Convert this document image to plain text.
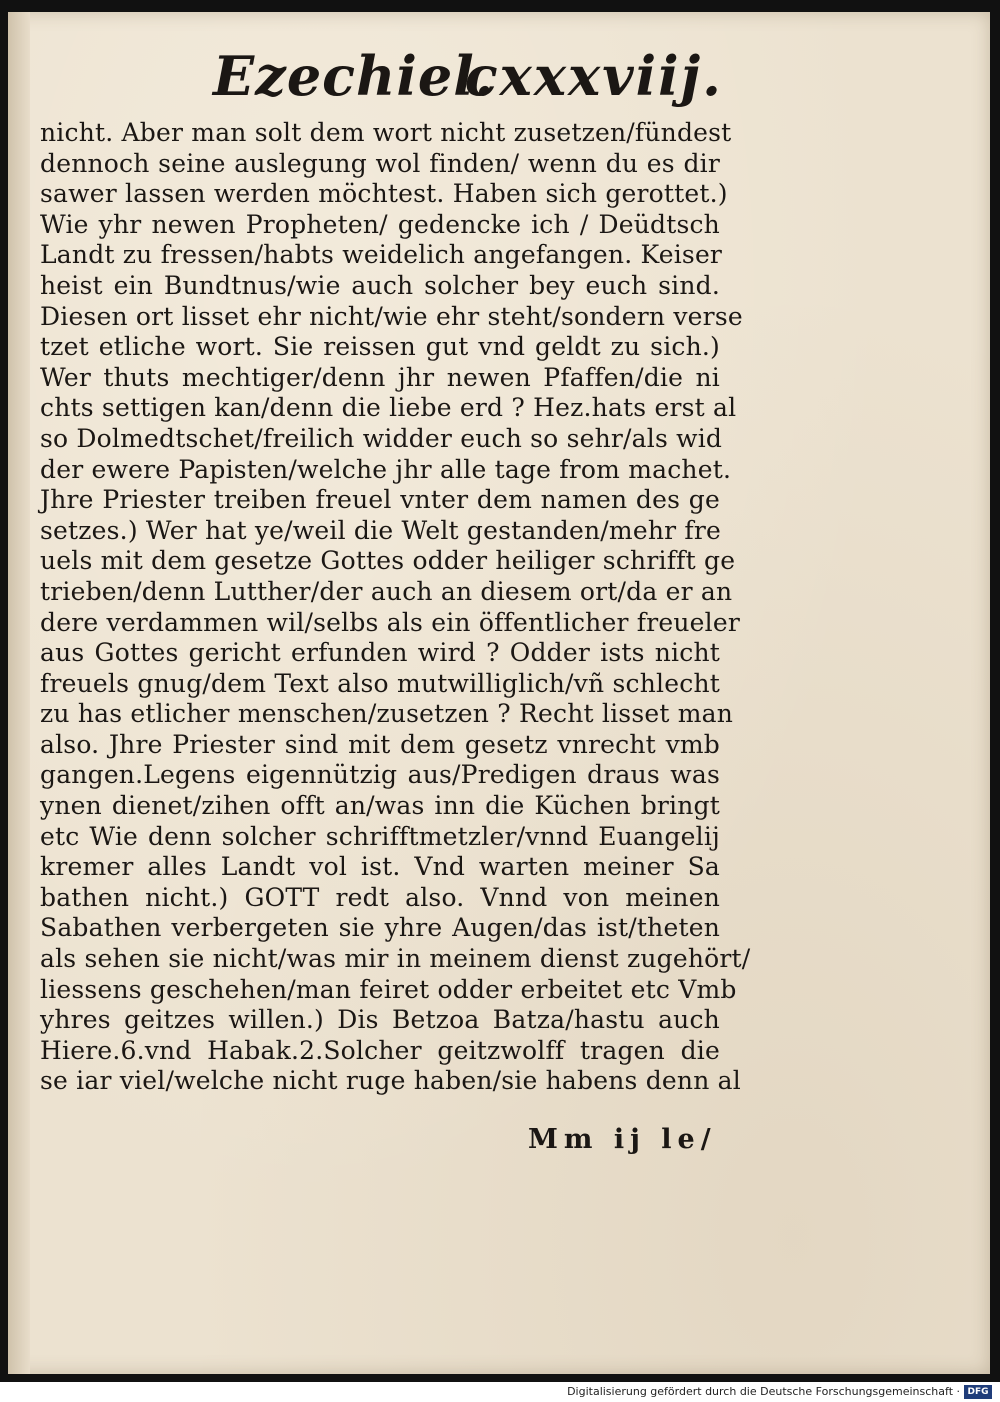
Ezechiel.
cxxxviij.
nicht. Aber man solt dem wort nicht zusetzen/fündest
dennoch seine auslegung wol finden/ wenn du es dir
sawer lassen werden möchtest. Haben sich gerottet.)
Wie yhr newen Propheten/ gedencke ich / Deüdtsch
Landt zu fressen/habts weidelich angefangen. Keiser
heist ein Bundtnus/wie auch solcher bey euch sind.
Diesen ort lisset ehr nicht/wie ehr steht/sondern verse
tzet etliche wort. Sie reissen gut vnd geldt zu sich.)
Wer thuts mechtiger/denn jhr newen Pfaffen/die ni
chts settigen kan/denn die liebe erd ? Hez.hats erst al
so Dolmedtschet/freilich widder euch so sehr/als wid
der ewere Papisten/welche jhr alle tage from machet.
Jhre Priester treiben freuel vnter dem namen des ge
setzes.) Wer hat ye/weil die Welt gestanden/mehr fre
uels mit dem gesetze Gottes odder heiliger schrifft ge
trieben/denn Lutther/der auch an diesem ort/da er an
dere verdammen wil/selbs als ein öffentlicher freueler
aus Gottes gericht erfunden wird ? Odder ists nicht
freuels gnug/dem Text also mutwilliglich/vñ schlecht
zu has etlicher menschen/zusetzen ? Recht lisset man
also. Jhre Priester sind mit dem gesetz vnrecht vmb
gangen.Legens eigennützig aus/Predigen draus was
ynen dienet/zihen offt an/was inn die Küchen bringt
etc Wie denn solcher schrifftmetzler/vnnd Euangelij
kremer alles Landt vol ist. Vnd warten meiner Sa
bathen nicht.) GOTT redt also. Vnnd von meinen
Sabathen verbergeten sie yhre Augen/das ist/theten
als sehen sie nicht/was mir in meinem dienst zugehört/
liessens geschehen/man feiret odder erbeitet etc Vmb
yhres geitzes willen.) Dis Betzoa Batza/hastu auch
Hiere.6.vnd Habak.2.Solcher geitzwolff tragen die
se iar viel/welche nicht ruge haben/sie habens denn al
Mm ij le/
Digitalisierung gefördert durch die Deutsche Forschungsgemeinschaft · DFG
